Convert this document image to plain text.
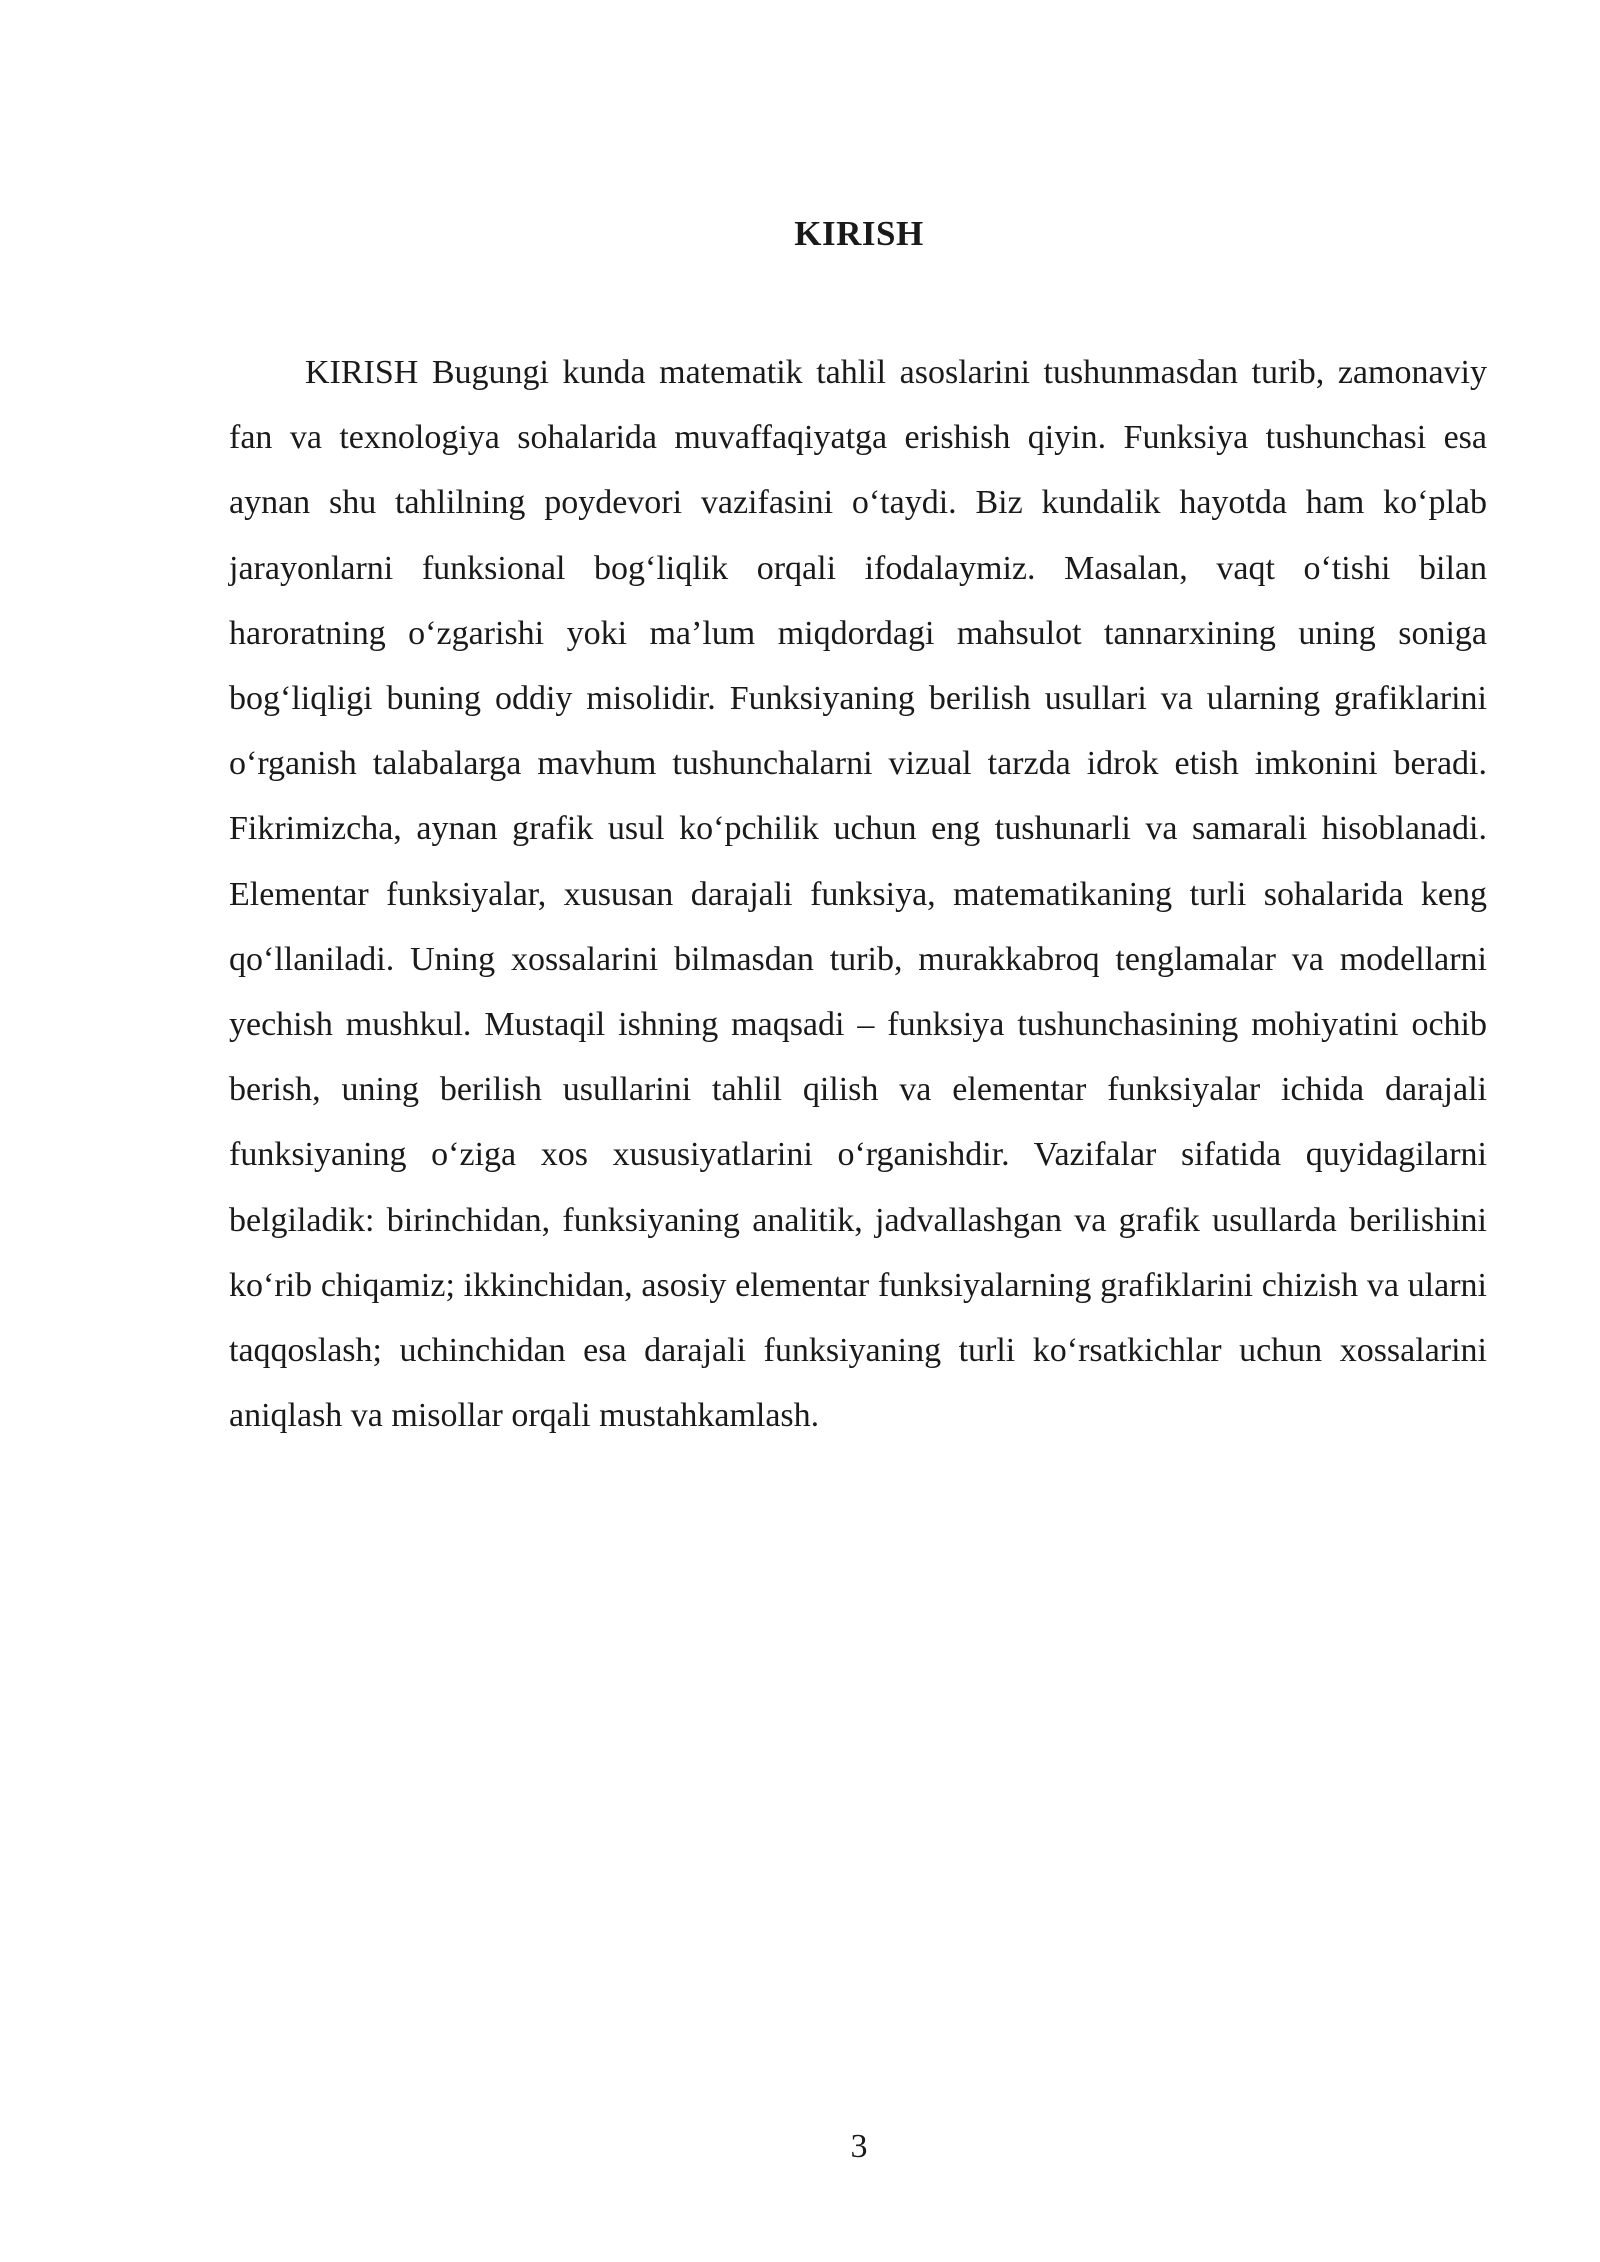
KIRISH

KIRISH Bugungi kunda matematik tahlil asoslarini tushunmasdan turib, zamonaviy fan va texnologiya sohalarida muvaffaqiyatga erishish qiyin. Funksiya tushunchasi esa aynan shu tahlilning poydevori vazifasini o‘taydi. Biz kundalik hayotda ham ko‘plab jarayonlarni funksional bog‘liqlik orqali ifodalaymiz. Masalan, vaqt o‘tishi bilan haroratning o‘zgarishi yoki ma’lum miqdordagi mahsulot tannarxining uning soniga bog‘liqligi buning oddiy misolidir. Funksiyaning berilish usullari va ularning grafiklarini o‘rganish talabalarga mavhum tushunchalarni vizual tarzda idrok etish imkonini beradi. Fikrimizcha, aynan grafik usul ko‘pchilik uchun eng tushunarli va samarali hisoblanadi. Elementar funksiyalar, xususan darajali funksiya, matematikaning turli sohalarida keng qo‘llaniladi. Uning xossalarini bilmasdan turib, murakkabroq tenglamalar va modellarni yechish mushkul. Mustaqil ishning maqsadi – funksiya tushunchasining mohiyatini ochib berish, uning berilish usullarini tahlil qilish va elementar funksiyalar ichida darajali funksiyaning o‘ziga xos xususiyatlarini o‘rganishdir. Vazifalar sifatida quyidagilarni belgiladik: birinchidan, funksiyaning analitik, jadvallashgan va grafik usullarda berilishini ko‘rib chiqamiz; ikkinchidan, asosiy elementar funksiyalarning grafiklarini chizish va ularni taqqoslash; uchinchidan esa darajali funksiyaning turli ko‘rsatkichlar uchun xossalarini aniqlash va misollar orqali mustahkamlash.

3
